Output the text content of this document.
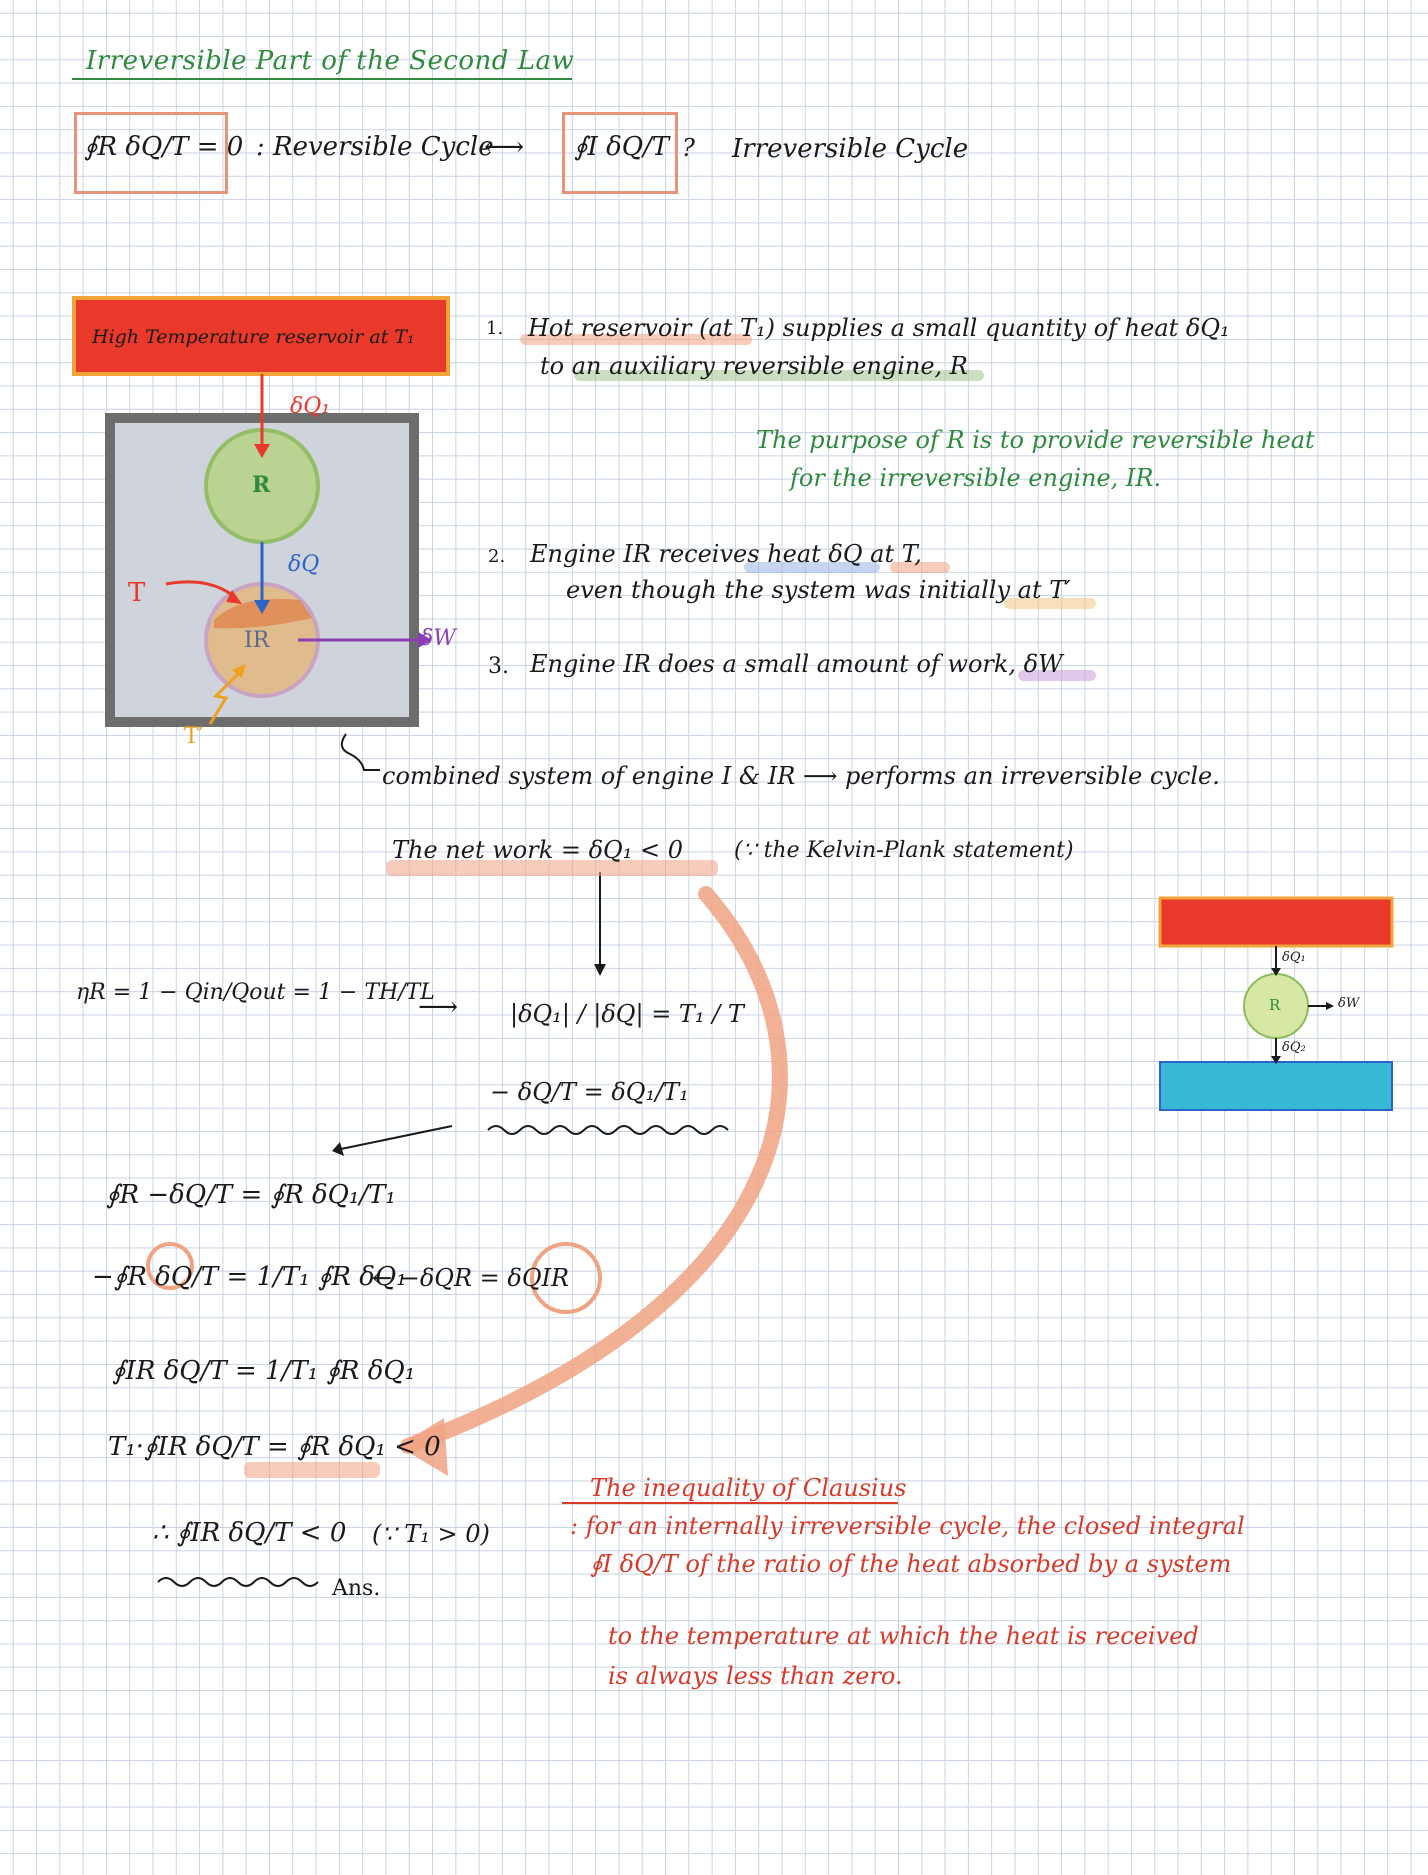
Irreversible Part of the Second Law
∮R δQ/T = 0 : Reversible Cycle
⟷ ∮I δQ/T ? Irreversible Cycle
High Temperature reservoir at T₁
δQ₁
R
δQ
T
IR	δW
T′
1. Hot reservoir (at T₁) supplies a small quantity of heat δQ₁
to an auxiliary reversible engine, R
The purpose of R is to provide reversible heat
for the irreversible engine, IR.
2. Engine IR receives heat δQ at T,
even though the system was initially at T′
3. Engine IR does a small amount of work, δW
combined system of engine I & IR ⟶ performs an irreversible cycle.
The net work = δQ₁ < 0 (∵ the Kelvin-Plank statement)
ηR = 1 − Qin/Qout = 1 − TH/TL
⟶ |δQ₁| / |δQ| = T₁ / T
− δQ/T = δQ₁/T₁
δQ₁
R	δW
δQ₂
∮R −δQ/T = ∮R δQ₁/T₁
−∮R δQ/T = 1/T₁ ∮R δQ₁
← −δQR = δQIR
∮IR δQ/T = 1/T₁ ∮R δQ₁
T₁·∮IR δQ/T = ∮R δQ₁ < 0
∴ ∮IR δQ/T < 0 (∵ T₁ > 0)
Ans.
The inequality of Clausius
: for an internally irreversible cycle, the closed integral
∮I δQ/T of the ratio of the heat absorbed by a system
to the temperature at which the heat is received
is always less than zero.
